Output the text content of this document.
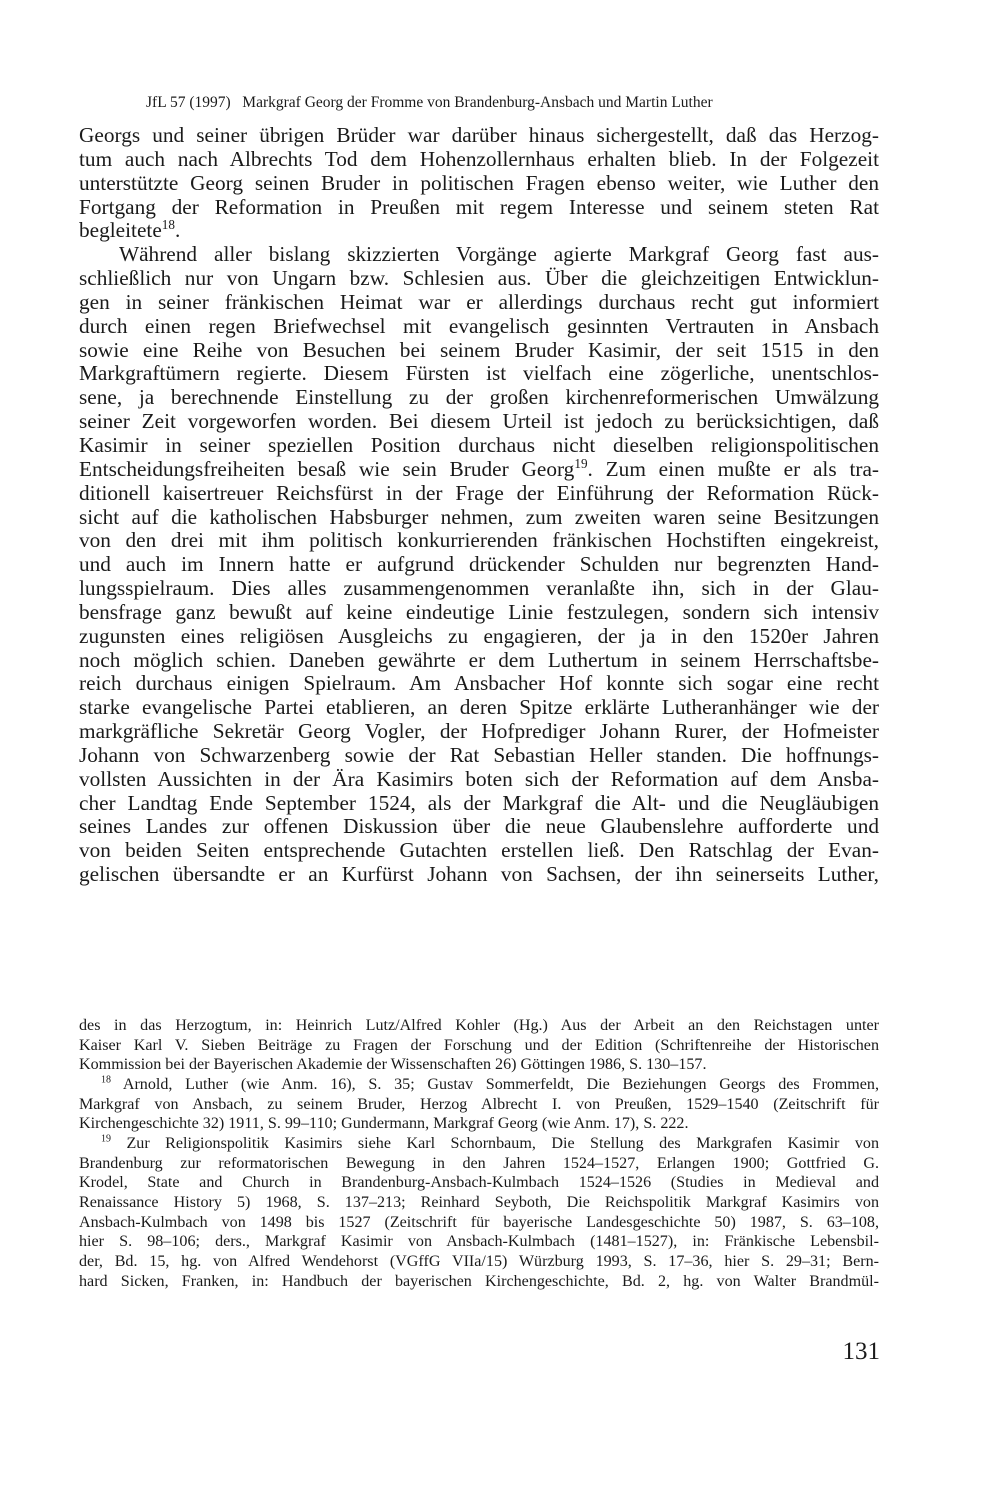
JfL 57 (1997) Markgraf Georg der Fromme von Brandenburg-Ansbach und Martin Luther
Georgs und seiner übrigen Brüder war darüber hinaus sichergestellt, daß das Herzog-
tum auch nach Albrechts Tod dem Hohenzollernhaus erhalten blieb. In der Folgezeit
unterstützte Georg seinen Bruder in politischen Fragen ebenso weiter, wie Luther den
Fortgang der Reformation in Preußen mit regem Interesse und seinem steten Rat
begleitete$^{18}$.
Während aller bislang skizzierten Vorgänge agierte Markgraf Georg fast aus-
schließlich nur von Ungarn bzw. Schlesien aus. Über die gleichzeitigen Entwicklun-
gen in seiner fränkischen Heimat war er allerdings durchaus recht gut informiert
durch einen regen Briefwechsel mit evangelisch gesinnten Vertrauten in Ansbach
sowie eine Reihe von Besuchen bei seinem Bruder Kasimir, der seit 1515 in den
Markgraftümern regierte. Diesem Fürsten ist vielfach eine zögerliche, unentschlos-
sene, ja berechnende Einstellung zu der großen kirchenreformerischen Umwälzung
seiner Zeit vorgeworfen worden. Bei diesem Urteil ist jedoch zu berücksichtigen, daß
Kasimir in seiner speziellen Position durchaus nicht dieselben religionspolitischen
Entscheidungsfreiheiten besaß wie sein Bruder Georg$^{19}$. Zum einen mußte er als tra-
ditionell kaisertreuer Reichsfürst in der Frage der Einführung der Reformation Rück-
sicht auf die katholischen Habsburger nehmen, zum zweiten waren seine Besitzungen
von den drei mit ihm politisch konkurrierenden fränkischen Hochstiften eingekreist,
und auch im Innern hatte er aufgrund drückender Schulden nur begrenzten Hand-
lungsspielraum. Dies alles zusammengenommen veranlaßte ihn, sich in der Glau-
bensfrage ganz bewußt auf keine eindeutige Linie festzulegen, sondern sich intensiv
zugunsten eines religiösen Ausgleichs zu engagieren, der ja in den 1520er Jahren
noch möglich schien. Daneben gewährte er dem Luthertum in seinem Herrschaftsbe-
reich durchaus einigen Spielraum. Am Ansbacher Hof konnte sich sogar eine recht
starke evangelische Partei etablieren, an deren Spitze erklärte Lutheranhänger wie der
markgräfliche Sekretär Georg Vogler, der Hofprediger Johann Rurer, der Hofmeister
Johann von Schwarzenberg sowie der Rat Sebastian Heller standen. Die hoffnungs-
vollsten Aussichten in der Ära Kasimirs boten sich der Reformation auf dem Ansba-
cher Landtag Ende September 1524, als der Markgraf die Alt- und die Neugläubigen
seines Landes zur offenen Diskussion über die neue Glaubenslehre aufforderte und
von beiden Seiten entsprechende Gutachten erstellen ließ. Den Ratschlag der Evan-
gelischen übersandte er an Kurfürst Johann von Sachsen, der ihn seinerseits Luther,
des in das Herzogtum, in: Heinrich Lutz/Alfred Kohler (Hg.) Aus der Arbeit an den Reichstagen unter
Kaiser Karl V. Sieben Beiträge zu Fragen der Forschung und der Edition (Schriftenreihe der Historischen
Kommission bei der Bayerischen Akademie der Wissenschaften 26) Göttingen 1986, S. 130–157.
$^{18}$ Arnold, Luther (wie Anm. 16), S. 35; Gustav Sommerfeldt, Die Beziehungen Georgs des Frommen,
Markgraf von Ansbach, zu seinem Bruder, Herzog Albrecht I. von Preußen, 1529–1540 (Zeitschrift für
Kirchengeschichte 32) 1911, S. 99–110; Gundermann, Markgraf Georg (wie Anm. 17), S. 222.
$^{19}$ Zur Religionspolitik Kasimirs siehe Karl Schornbaum, Die Stellung des Markgrafen Kasimir von
Brandenburg zur reformatorischen Bewegung in den Jahren 1524–1527, Erlangen 1900; Gottfried G.
Krodel, State and Church in Brandenburg-Ansbach-Kulmbach 1524–1526 (Studies in Medieval and
Renaissance History 5) 1968, S. 137–213; Reinhard Seyboth, Die Reichspolitik Markgraf Kasimirs von
Ansbach-Kulmbach von 1498 bis 1527 (Zeitschrift für bayerische Landesgeschichte 50) 1987, S. 63–108,
hier S. 98–106; ders., Markgraf Kasimir von Ansbach-Kulmbach (1481–1527), in: Fränkische Lebensbil-
der, Bd. 15, hg. von Alfred Wendehorst (VGffG VIIa/15) Würzburg 1993, S. 17–36, hier S. 29–31; Bern-
hard Sicken, Franken, in: Handbuch der bayerischen Kirchengeschichte, Bd. 2, hg. von Walter Brandmül-
131
